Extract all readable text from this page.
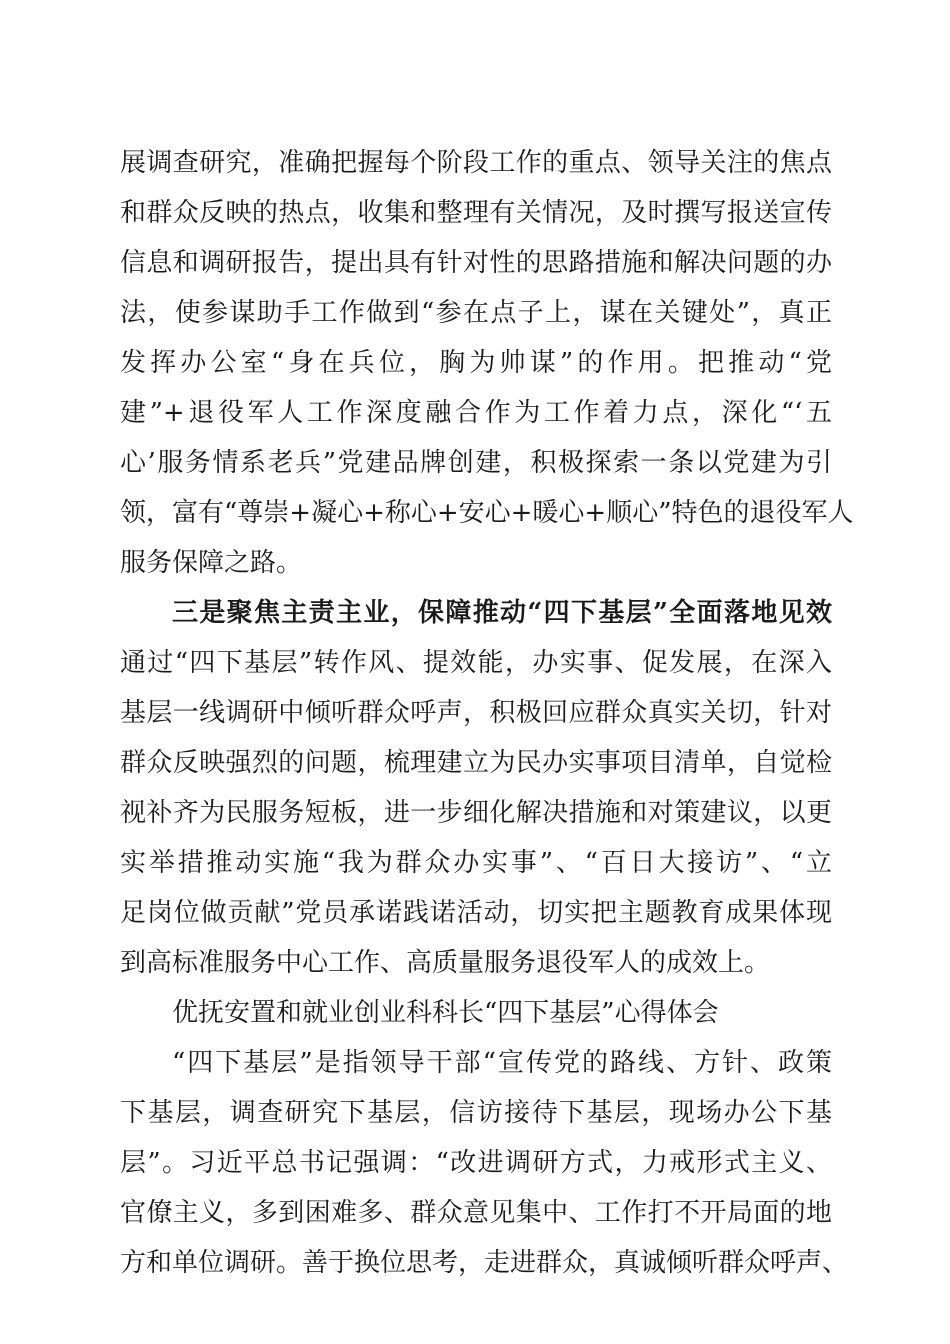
展调查研究，准确把握每个阶段工作的重点、领导关注的焦点
和群众反映的热点，收集和整理有关情况，及时撰写报送宣传
信息和调研报告，提出具有针对性的思路措施和解决问题的办
法，使参谋助手工作做到“参在点子上，谋在关键处”，真正
发挥办公室“身在兵位，胸为帅谋”的作用。把推动“党
建”+退役军人工作深度融合作为工作着力点，深化“‘五
心’服务情系老兵”党建品牌创建，积极探索一条以党建为引
领，富有“尊崇+凝心+称心+安心+暖心+顺心”特色的退役军人
服务保障之路。
三是聚焦主责主业，保障推动“四下基层”全面落地见效
通过“四下基层”转作风、提效能，办实事、促发展，在深入
基层一线调研中倾听群众呼声，积极回应群众真实关切，针对
群众反映强烈的问题，梳理建立为民办实事项目清单，自觉检
视补齐为民服务短板，进一步细化解决措施和对策建议，以更
实举措推动实施“我为群众办实事”、“百日大接访”、“立
足岗位做贡献”党员承诺践诺活动，切实把主题教育成果体现
到高标准服务中心工作、高质量服务退役军人的成效上。
优抚安置和就业创业科科长“四下基层”心得体会
“四下基层”是指领导干部“宣传党的路线、方针、政策
下基层，调查研究下基层，信访接待下基层，现场办公下基
层”。习近平总书记强调：“改进调研方式，力戒形式主义、
官僚主义，多到困难多、群众意见集中、工作打不开局面的地
方和单位调研。善于换位思考，走进群众，真诚倾听群众呼声、
